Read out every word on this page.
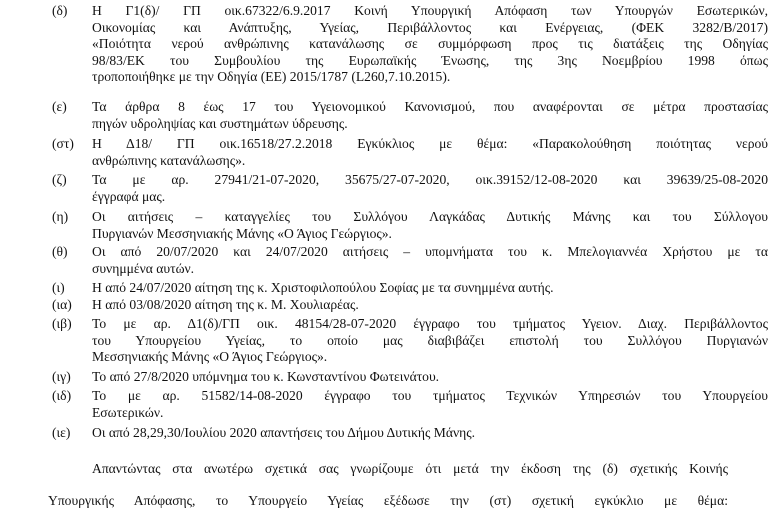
(δ) Η Γ1(δ)/ ΓΠ οικ.67322/6.9.2017 Κοινή Υπουργική Απόφαση των Υπουργών Εσωτερικών,
Οικονομίας και Ανάπτυξης, Υγείας, Περιβάλλοντος και Ενέργειας, (ΦΕΚ 3282/Β/2017)
«Ποιότητα νερού ανθρώπινης κατανάλωσης σε συμμόρφωση προς τις διατάξεις της Οδηγίας
98/83/ΕΚ του Συμβουλίου της Ευρωπαϊκής Ένωσης, της 3ης Νοεμβρίου 1998 όπως
τροποποιήθηκε με την Οδηγία (ΕΕ) 2015/1787 (L260,7.10.2015).
(ε) Τα άρθρα 8 έως 17 του Υγειονομικού Κανονισμού, που αναφέρονται σε μέτρα προστασίας
πηγών υδροληψίας και συστημάτων ύδρευσης.
(στ) Η Δ18/ ΓΠ οικ.16518/27.2.2018 Εγκύκλιος με θέμα: «Παρακολούθηση ποιότητας νερού
ανθρώπινης κατανάλωσης».
(ζ) Τα με αρ. 27941/21-07-2020, 35675/27-07-2020, οικ.39152/12-08-2020 και 39639/25-08-2020
έγγραφά μας.
(η) Οι αιτήσεις – καταγγελίες του Συλλόγου Λαγκάδας Δυτικής Μάνης και του Σύλλογου
Πυργιανών Μεσσηνιακής Μάνης «Ο Άγιος Γεώργιος».
(θ) Οι από 20/07/2020 και 24/07/2020 αιτήσεις – υπομνήματα του κ. Μπελογιαννέα Χρήστου με τα
συνημμένα αυτών.
(ι) Η από 24/07/2020 αίτηση της κ. Χριστοφιλοπούλου Σοφίας με τα συνημμένα αυτής.
(ια) Η από 03/08/2020 αίτηση της κ. Μ. Χουλιαρέας.
(ιβ) Το με αρ. Δ1(δ)/ΓΠ οικ. 48154/28-07-2020 έγγραφο του τμήματος Υγειον. Διαχ. Περιβάλλοντος
του Υπουργείου Υγείας, το οποίο μας διαβιβάζει επιστολή του Συλλόγου Πυργιανών
Μεσσηνιακής Μάνης «Ο Άγιος Γεώργιος».
(ιγ) Το από 27/8/2020 υπόμνημα του κ. Κωνσταντίνου Φωτεινάτου.
(ιδ) Το με αρ. 51582/14-08-2020 έγγραφο του τμήματος Τεχνικών Υπηρεσιών του Υπουργείου
Εσωτερικών.
(ιε) Οι από 28,29,30/Ιουλίου 2020 απαντήσεις του Δήμου Δυτικής Μάνης.
Απαντώντας στα ανωτέρω σχετικά σας γνωρίζουμε ότι μετά την έκδοση της (δ) σχετικής Κοινής
Υπουργικής Απόφασης, το Υπουργείο Υγείας εξέδωσε την (στ) σχετική εγκύκλιο με θέμα:
